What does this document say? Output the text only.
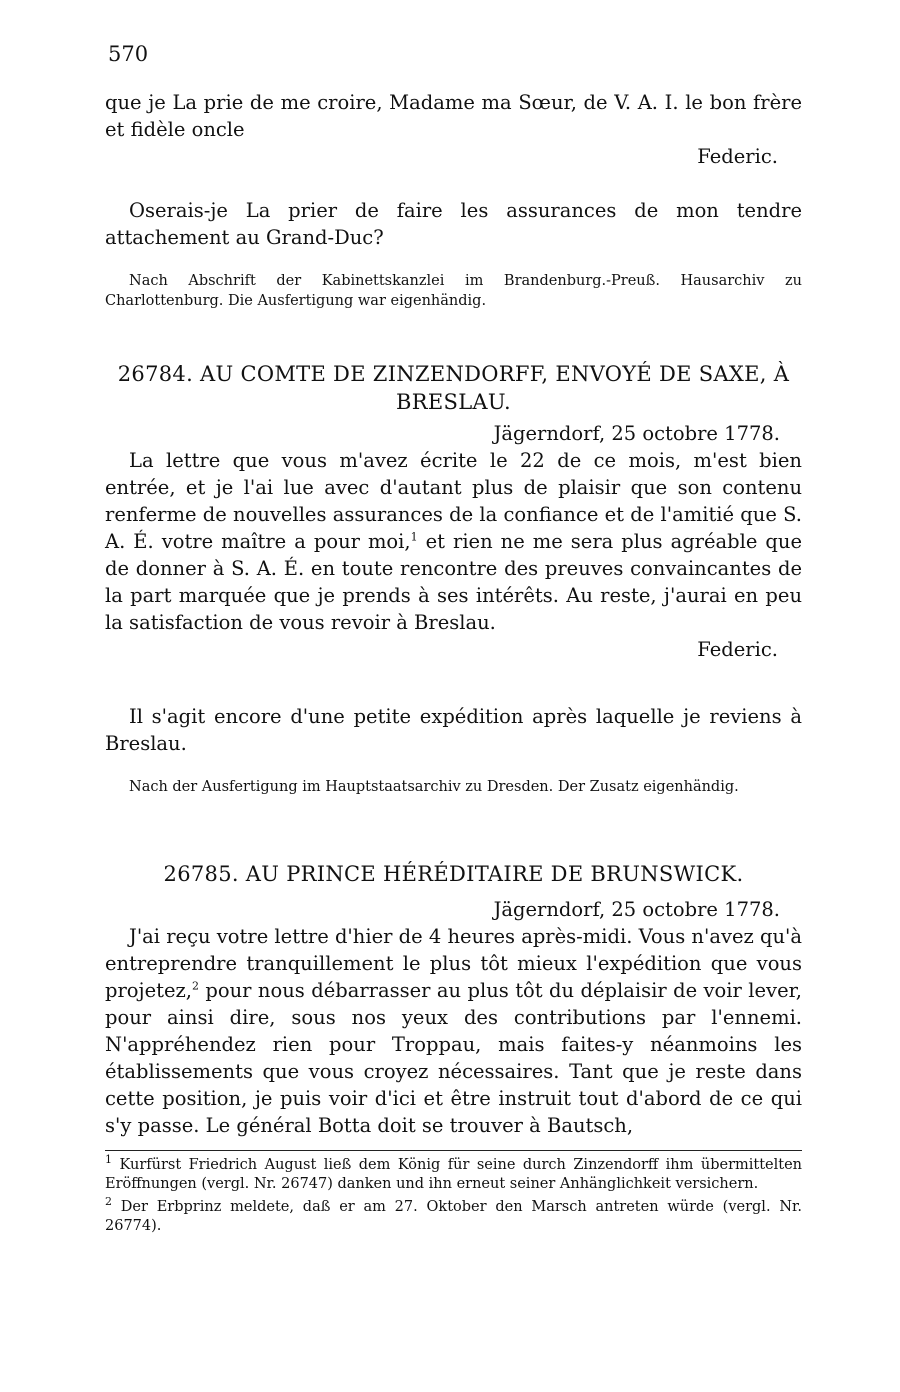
570

que je La prie de me croire, Madame ma Sœur, de V. A. I. le bon frère et fidèle oncle

Federic.

Oserais-je La prier de faire les assurances de mon tendre attachement au Grand-Duc?

Nach Abschrift der Kabinettskanzlei im Brandenburg.-Preuß. Hausarchiv zu Charlottenburg. Die Ausfertigung war eigenhändig.

26784. AU COMTE DE ZINZENDORFF, ENVOYÉ DE SAXE, À BRESLAU.

Jägerndorf, 25 octobre 1778.

La lettre que vous m'avez écrite le 22 de ce mois, m'est bien entrée, et je l'ai lue avec d'autant plus de plaisir que son contenu renferme de nouvelles assurances de la confiance et de l'amitié que S. A. É. votre maître a pour moi,$^1$ et rien ne me sera plus agréable que de donner à S. A. É. en toute rencontre des preuves convaincantes de la part marquée que je prends à ses intérêts. Au reste, j'aurai en peu la satisfaction de vous revoir à Breslau.

Federic.

Il s'agit encore d'une petite expédition après laquelle je reviens à Breslau.

Nach der Ausfertigung im Hauptstaatsarchiv zu Dresden. Der Zusatz eigenhändig.

26785. AU PRINCE HÉRÉDITAIRE DE BRUNSWICK.

Jägerndorf, 25 octobre 1778.

J'ai reçu votre lettre d'hier de 4 heures après-midi. Vous n'avez qu'à entreprendre tranquillement le plus tôt mieux l'expédition que vous projetez,$^2$ pour nous débarrasser au plus tôt du déplaisir de voir lever, pour ainsi dire, sous nos yeux des contributions par l'ennemi. N'appréhendez rien pour Troppau, mais faites-y néanmoins les établissements que vous croyez nécessaires. Tant que je reste dans cette position, je puis voir d'ici et être instruit tout d'abord de ce qui s'y passe. Le général Botta doit se trouver à Bautsch,

$^1$ Kurfürst Friedrich August ließ dem König für seine durch Zinzendorff ihm übermittelten Eröffnungen (vergl. Nr. 26747) danken und ihn erneut seiner Anhänglichkeit versichern.

$^2$ Der Erbprinz meldete, daß er am 27. Oktober den Marsch antreten würde (vergl. Nr. 26774).
